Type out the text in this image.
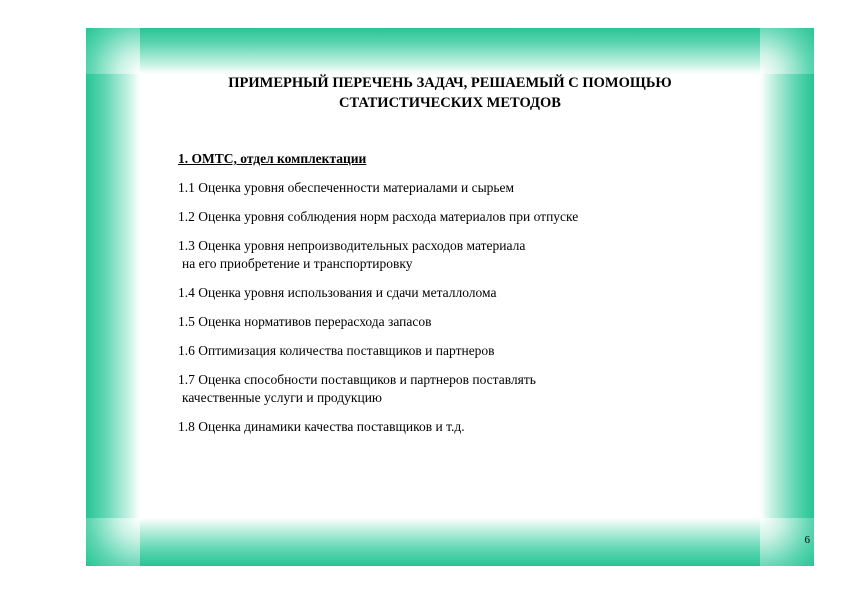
ПРИМЕРНЫЙ ПЕРЕЧЕНЬ ЗАДАЧ, РЕШАЕМЫЙ С ПОМОЩЬЮ
СТАТИСТИЧЕСКИХ МЕТОДОВ
1. ОМТС, отдел комплектации
1.1 Оценка уровня обеспеченности материалами и сырьем
1.2 Оценка уровня соблюдения норм расхода материалов при отпуске
1.3 Оценка уровня непроизводительных расходов материала
на его приобретение и транспортировку
1.4 Оценка уровня использования и сдачи металлолома
1.5 Оценка нормативов перерасхода запасов
1.6 Оптимизация количества поставщиков и партнеров
1.7 Оценка способности поставщиков и партнеров поставлять
качественные услуги и продукцию
1.8 Оценка динамики качества поставщиков и т.д.
6
